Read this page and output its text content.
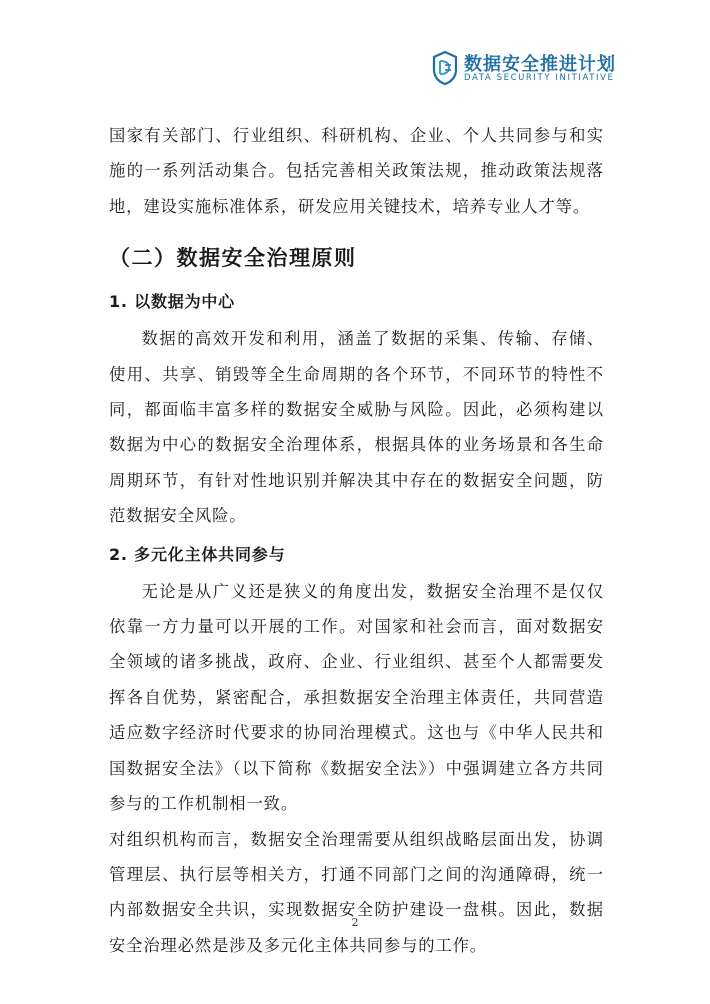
数据安全推进计划
DATA SECURITY INITIATIVE

国家有关部门、行业组织、科研机构、企业、个人共同参与和实施的一系列活动集合。包括完善相关政策法规，推动政策法规落地，建设实施标准体系，研发应用关键技术，培养专业人才等。

（二）数据安全治理原则
1. 以数据为中心

数据的高效开发和利用，涵盖了数据的采集、传输、存储、使用、共享、销毁等全生命周期的各个环节，不同环节的特性不同，都面临丰富多样的数据安全威胁与风险。因此，必须构建以数据为中心的数据安全治理体系，根据具体的业务场景和各生命周期环节，有针对性地识别并解决其中存在的数据安全问题，防范数据安全风险。

2. 多元化主体共同参与

无论是从广义还是狭义的角度出发，数据安全治理不是仅仅依靠一方力量可以开展的工作。对国家和社会而言，面对数据安全领域的诸多挑战，政府、企业、行业组织、甚至个人都需要发挥各自优势，紧密配合，承担数据安全治理主体责任，共同营造适应数字经济时代要求的协同治理模式。这也与《中华人民共和国数据安全法》（以下简称《数据安全法》）中强调建立各方共同参与的工作机制相一致。

对组织机构而言，数据安全治理需要从组织战略层面出发，协调管理层、执行层等相关方，打通不同部门之间的沟通障碍，统一内部数据安全共识，实现数据安全防护建设一盘棋。因此，数据安全治理必然是涉及多元化主体共同参与的工作。

2
